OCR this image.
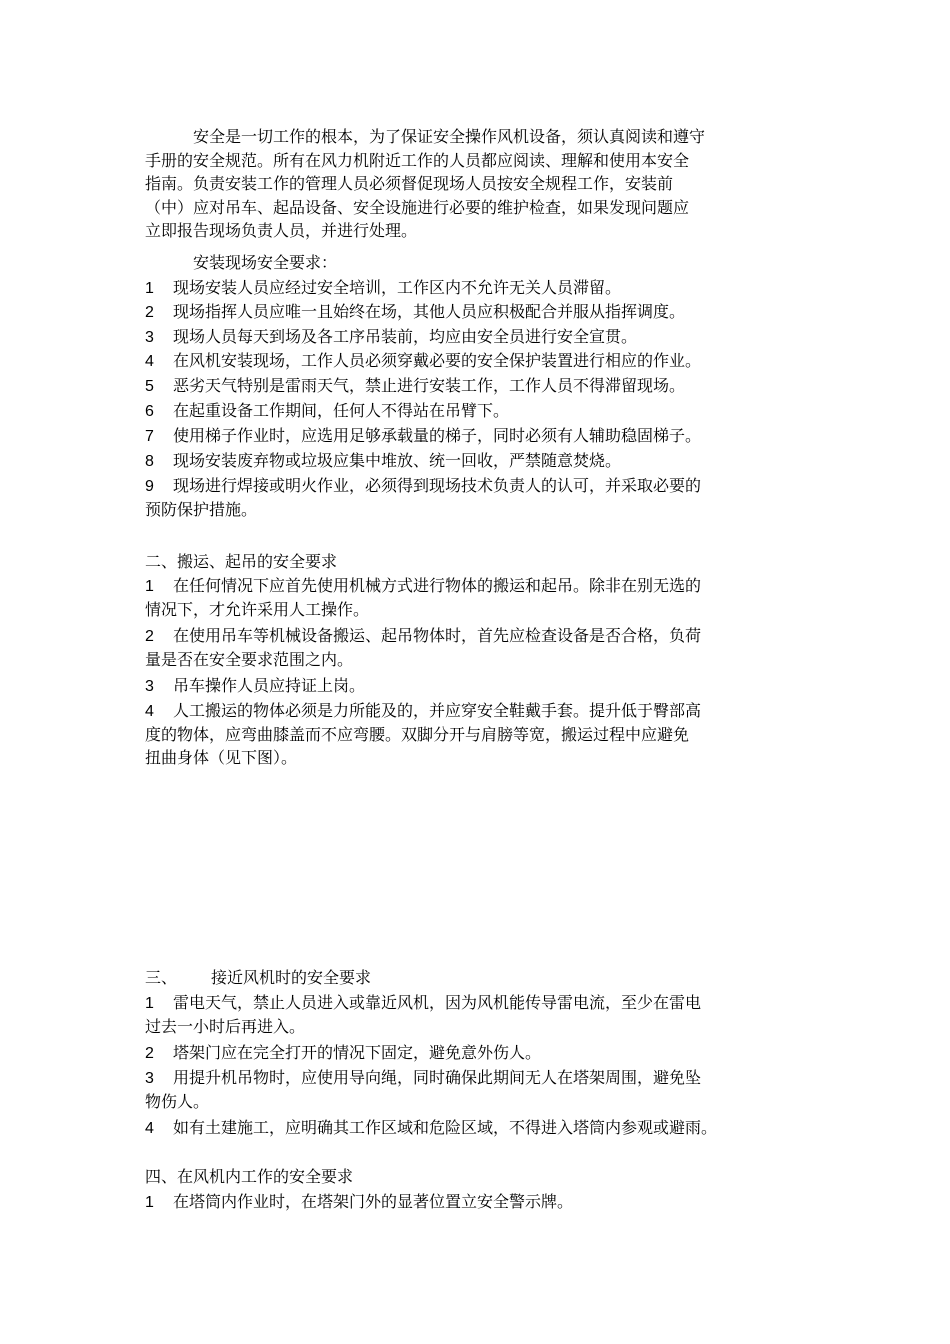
安全是一切工作的根本，为了保证安全操作风机设备，须认真阅读和遵守
手册的安全规范。所有在风力机附近工作的人员都应阅读、理解和使用本安全
指南。负责安装工作的管理人员必须督促现场人员按安全规程工作，安装前
（中）应对吊车、起品设备、安全设施进行必要的维护检查，如果发现问题应
立即报告现场负责人员，并进行处理。
安装现场安全要求：
1 现场安装人员应经过安全培训，工作区内不允许无关人员滞留。
2 现场指挥人员应唯一且始终在场，其他人员应积极配合并服从指挥调度。
3 现场人员每天到场及各工序吊装前，均应由安全员进行安全宣贯。
4 在风机安装现场，工作人员必须穿戴必要的安全保护装置进行相应的作业。
5 恶劣天气特别是雷雨天气，禁止进行安装工作，工作人员不得滞留现场。
6 在起重设备工作期间，任何人不得站在吊臂下。
7 使用梯子作业时，应选用足够承载量的梯子，同时必须有人辅助稳固梯子。
8 现场安装废弃物或垃圾应集中堆放、统一回收，严禁随意焚烧。
9 现场进行焊接或明火作业，必须得到现场技术负责人的认可，并采取必要的
预防保护措施。
二、搬运、起吊的安全要求
1 在任何情况下应首先使用机械方式进行物体的搬运和起吊。除非在别无选的
情况下，才允许采用人工操作。
2 在使用吊车等机械设备搬运、起吊物体时，首先应检查设备是否合格，负荷
量是否在安全要求范围之内。
3 吊车操作人员应持证上岗。
4 人工搬运的物体必须是力所能及的，并应穿安全鞋戴手套。提升低于臀部高
度的物体，应弯曲膝盖而不应弯腰。双脚分开与肩膀等宽，搬运过程中应避免
扭曲身体（见下图）。
三、 接近风机时的安全要求
1 雷电天气，禁止人员进入或靠近风机，因为风机能传导雷电流，至少在雷电
过去一小时后再进入。
2 塔架门应在完全打开的情况下固定，避免意外伤人。
3 用提升机吊物时，应使用导向绳，同时确保此期间无人在塔架周围，避免坠
物伤人。
4 如有土建施工，应明确其工作区域和危险区域，不得进入塔筒内参观或避雨。
四、在风机内工作的安全要求
1 在塔筒内作业时，在塔架门外的显著位置立安全警示牌。
